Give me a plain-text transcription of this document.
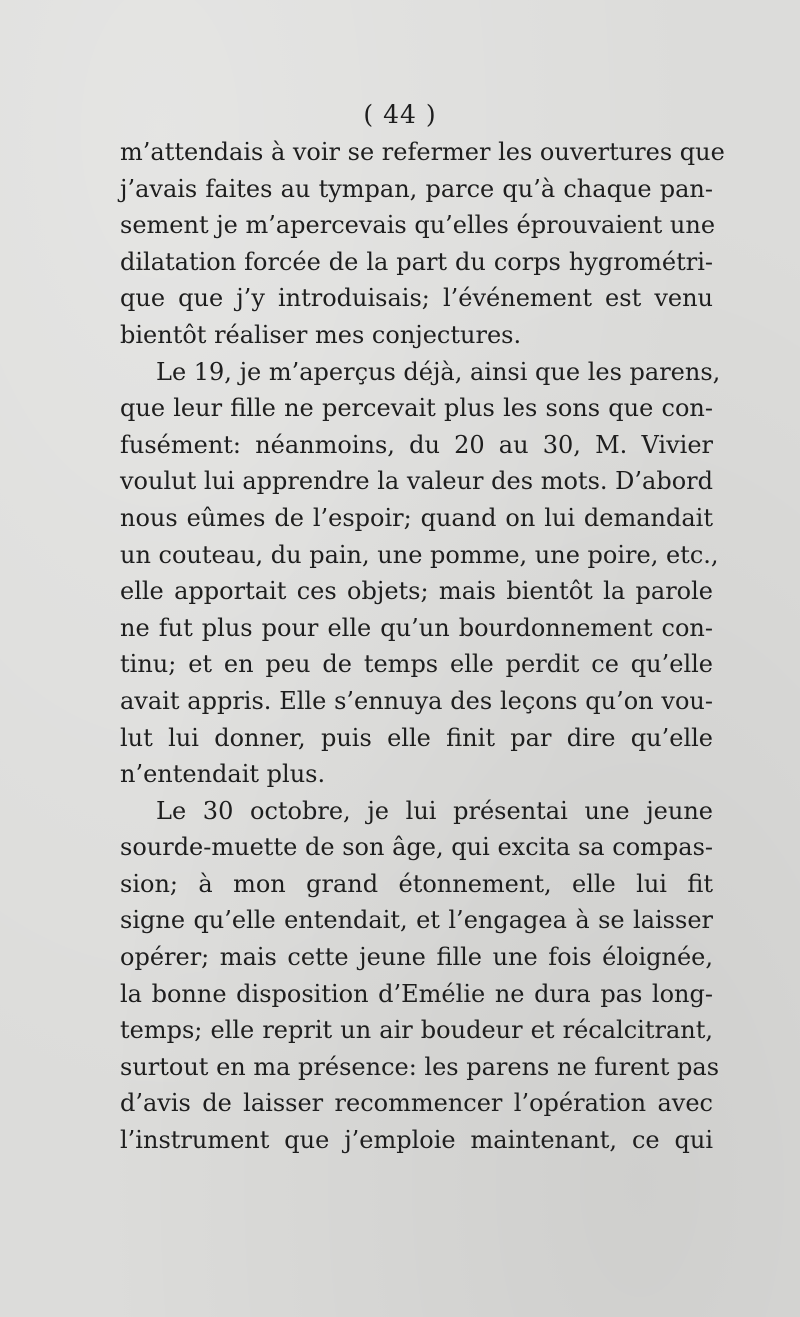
( 44 )
m’attendais à voir se refermer les ouvertures que
j’avais faites au tympan, parce qu’à chaque pan-
sement je m’apercevais qu’elles éprouvaient une
dilatation forcée de la part du corps hygrométri-
que que j’y introduisais; l’événement est venu
bientôt réaliser mes conjectures.
Le 19, je m’aperçus déjà, ainsi que les parens,
que leur fille ne percevait plus les sons que con-
fusément: néanmoins, du 20 au 30, M. Vivier
voulut lui apprendre la valeur des mots. D’abord
nous eûmes de l’espoir; quand on lui demandait
un couteau, du pain, une pomme, une poire, etc.,
elle apportait ces objets; mais bientôt la parole
ne fut plus pour elle qu’un bourdonnement con-
tinu; et en peu de temps elle perdit ce qu’elle
avait appris. Elle s’ennuya des leçons qu’on vou-
lut lui donner, puis elle finit par dire qu’elle
n’entendait plus.
Le 30 octobre, je lui présentai une jeune
sourde-muette de son âge, qui excita sa compas-
sion; à mon grand étonnement, elle lui fit
signe qu’elle entendait, et l’engagea à se laisser
opérer; mais cette jeune fille une fois éloignée,
la bonne disposition d’Emélie ne dura pas long-
temps; elle reprit un air boudeur et récalcitrant,
surtout en ma présence: les parens ne furent pas
d’avis de laisser recommencer l’opération avec
l’instrument que j’emploie maintenant, ce qui
